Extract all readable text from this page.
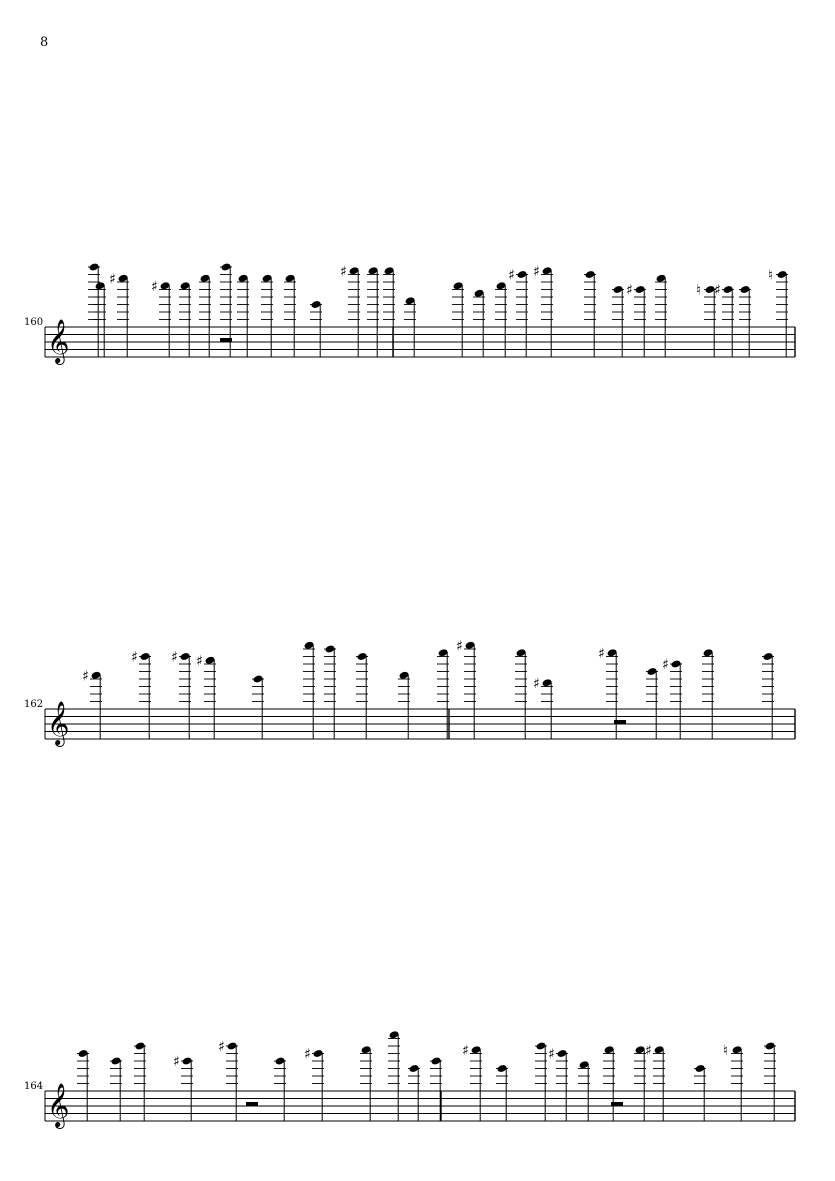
8
160
162
164
𝄞
𝄞
𝄞
♯	♯
♯	♯ ♯
♯	♮ ♯
♮
♯
♯ ♯ ♯
♯
♯
♯
♯
♯
♯	♯	♯	♯	♯	♮
